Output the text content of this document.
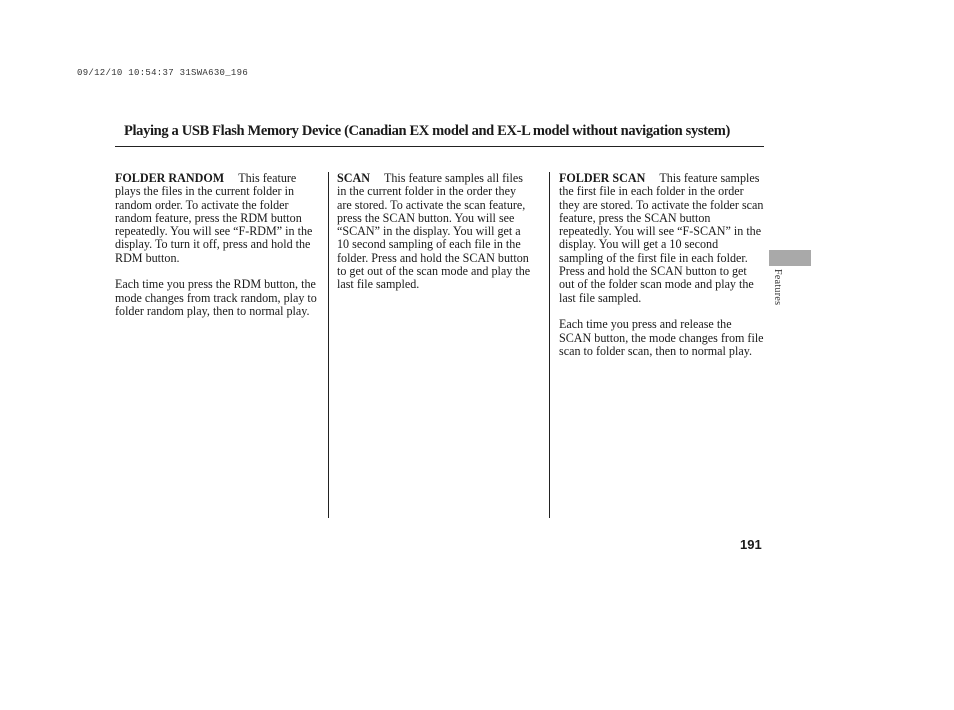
09/12/10 10:54:37 31SWA630_196
Playing a USB Flash Memory Device (Canadian EX model and EX-L model without navigation system)

FOLDER RANDOM This feature plays the files in the current folder in random order. To activate the folder random feature, press the RDM button repeatedly. You will see “F-RDM” in the display. To turn it off, press and hold the RDM button.

Each time you press the RDM button, the mode changes from track random, play to folder random play, then to normal play.

SCAN This feature samples all files in the current folder in the order they are stored. To activate the scan feature, press the SCAN button. You will see “SCAN” in the display. You will get a 10 second sampling of each file in the folder. Press and hold the SCAN button to get out of the scan mode and play the last file sampled.

FOLDER SCAN This feature samples the first file in each folder in the order they are stored. To activate the folder scan feature, press the SCAN button repeatedly. You will see “F-SCAN” in the display. You will get a 10 second sampling of the first file in each folder. Press and hold the SCAN button to get out of the folder scan mode and play the last file sampled.

Each time you press and release the SCAN button, the mode changes from file scan to folder scan, then to normal play.

Features
191
